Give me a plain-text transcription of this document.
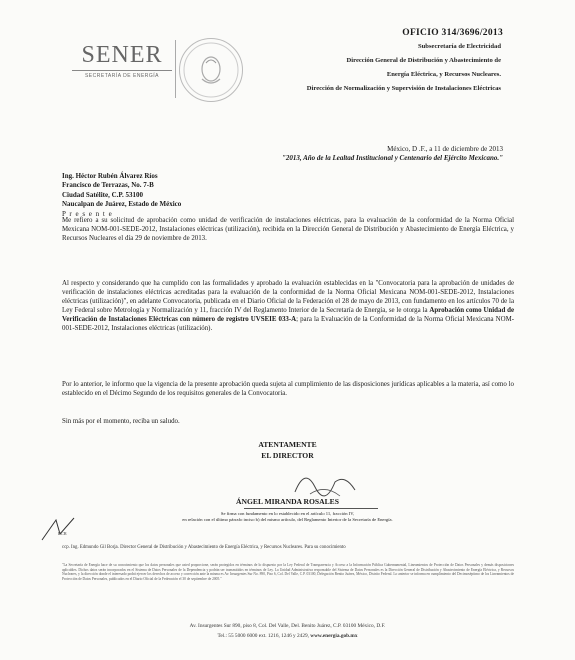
SENER
SECRETARÍA DE ENERGÍA
OFICIO 314/3696/2013
Subsecretaría de Electricidad
Dirección General de Distribución y Abastecimiento de
Energía Eléctrica, y Recursos Nucleares.
Dirección de Normalización y Supervisión de Instalaciones Eléctricas
México, D .F., a 11 de diciembre de 2013
"2013, Año de la Lealtad Institucional y Centenario del Ejército Mexicano."
Ing. Héctor Rubén Álvarez Ríos
Francisco de Terrazas, No. 7-B
Ciudad Satélite, C.P. 53100
Naucalpan de Juárez, Estado de México
P r e s e n t e
Me refiero a su solicitud de aprobación como unidad de verificación de instalaciones eléctricas, para la evaluación de la conformidad de la Norma Oficial Mexicana NOM-001-SEDE-2012, Instalaciones eléctricas (utilización), recibida en la Dirección General de Distribución y Abastecimiento de Energía Eléctrica, y Recursos Nucleares el día 29 de noviembre de 2013.
Al respecto y considerando que ha cumplido con las formalidades y aprobado la evaluación establecidas en la "Convocatoria para la aprobación de unidades de verificación de instalaciones eléctricas acreditadas para la evaluación de la conformidad de la Norma Oficial Mexicana NOM-001-SEDE-2012, Instalaciones eléctricas (utilización)", en adelante Convocatoria, publicada en el Diario Oficial de la Federación el 28 de mayo de 2013, con fundamento en los artículos 70 de la Ley Federal sobre Metrología y Normalización y 11, fracción IV del Reglamento Interior de la Secretaría de Energía, se le otorga la Aprobación como Unidad de Verificación de Instalaciones Eléctricas con número de registro UVSEIE 033-A; para la Evaluación de la Conformidad de la Norma Oficial Mexicana NOM-001-SEDE-2012, Instalaciones eléctricas (utilización).
Por lo anterior, le informo que la vigencia de la presente aprobación queda sujeta al cumplimiento de las disposiciones jurídicas aplicables a la materia, así como lo establecido en el Décimo Segundo de los requisitos generales de la Convocatoria.
Sin más por el momento, reciba un saludo.
ATENTAMENTE
EL DIRECTOR
ÁNGEL MIRANDA ROSALES
Se firma con fundamento en lo establecido en el artículo 11, fracción IV,
en relación con el último párrafo inciso b) del mismo artículo, del Reglamento Interior de la Secretaría de Energía.
ECR
ccp. Ing. Edmundo Gil Borja. Director General de Distribución y Abastecimiento de Energía Eléctrica, y Recursos Nucleares. Para su conocimiento
"La Secretaría de Energía hace de su conocimiento que los datos personales que usted proporcione, serán protegidos en términos de lo dispuesto por la Ley Federal de Transparencia y Acceso a la Información Pública Gubernamental, Lineamientos de Protección de Datos Personales y demás disposiciones aplicables. Dichos datos serán incorporados en el Sistema de Datos Personales de la Dependencia y podrán ser transmitidos en términos de Ley. La Unidad Administrativa responsable del Sistema de Datos Personales es la Dirección General de Distribución y Abastecimiento de Energía Eléctrica, y Recursos Nucleares, y la dirección donde el interesado podrá ejercer los derechos de acceso y corrección ante la misma es Av. Insurgentes Sur No. 890, Piso 6, Col. Del Valle, C.P. 03100, Delegación Benito Juárez, México, Distrito Federal. Lo anterior se informa en cumplimiento del Decimoséptimo de los Lineamientos de Protección de Datos Personales, publicados en el Diario Oficial de la Federación el 30 de septiembre de 2005."
Av. Insurgentes Sur 890, piso 8, Col. Del Valle, Del. Benito Juárez, C.P. 03100 México, D.F.
Tel.: 55 5000 6000 ext. 1216, 1246 y 2429, www.energia.gob.mx
